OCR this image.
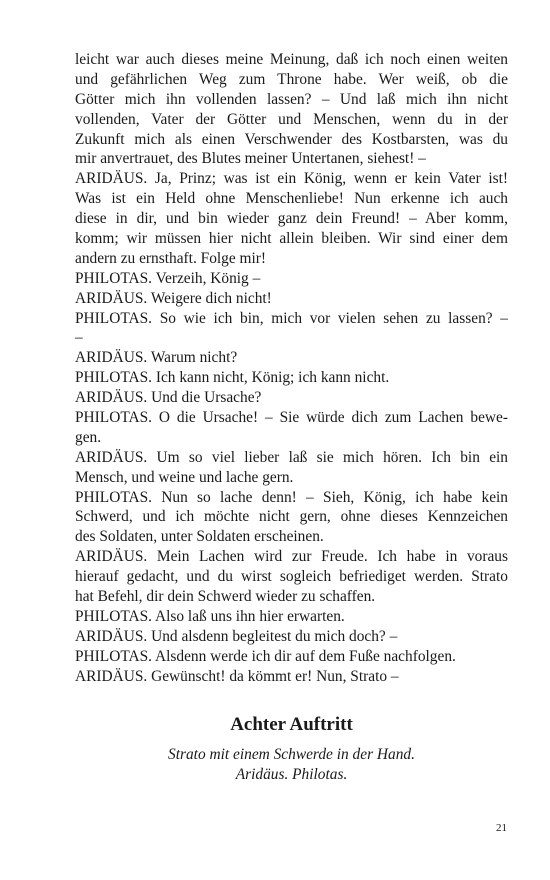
leicht war auch dieses meine Meinung, daß ich noch einen weiten
und gefährlichen Weg zum Throne habe. Wer weiß, ob die
Götter mich ihn vollenden lassen? – Und laß mich ihn nicht
vollenden, Vater der Götter und Menschen, wenn du in der
Zukunft mich als einen Verschwender des Kostbarsten, was du
mir anvertrauet, des Blutes meiner Untertanen, siehest! –
ARIDÄUS. Ja, Prinz; was ist ein König, wenn er kein Vater ist!
Was ist ein Held ohne Menschenliebe! Nun erkenne ich auch
diese in dir, und bin wieder ganz dein Freund! – Aber komm,
komm; wir müssen hier nicht allein bleiben. Wir sind einer dem
andern zu ernsthaft. Folge mir!
PHILOTAS. Verzeih, König –
ARIDÄUS. Weigere dich nicht!
PHILOTAS. So wie ich bin, mich vor vielen sehen zu lassen? –
–
ARIDÄUS. Warum nicht?
PHILOTAS. Ich kann nicht, König; ich kann nicht.
ARIDÄUS. Und die Ursache?
PHILOTAS. O die Ursache! – Sie würde dich zum Lachen bewe-
gen.
ARIDÄUS. Um so viel lieber laß sie mich hören. Ich bin ein
Mensch, und weine und lache gern.
PHILOTAS. Nun so lache denn! – Sieh, König, ich habe kein
Schwerd, und ich möchte nicht gern, ohne dieses Kennzeichen
des Soldaten, unter Soldaten erscheinen.
ARIDÄUS. Mein Lachen wird zur Freude. Ich habe in voraus
hierauf gedacht, und du wirst sogleich befriediget werden. Strato
hat Befehl, dir dein Schwerd wieder zu schaffen.
PHILOTAS. Also laß uns ihn hier erwarten.
ARIDÄUS. Und alsdenn begleitest du mich doch? –
PHILOTAS. Alsdenn werde ich dir auf dem Fuße nachfolgen.
ARIDÄUS. Gewünscht! da kömmt er! Nun, Strato –
Achter Auftritt
Strato mit einem Schwerde in der Hand.
Aridäus. Philotas.
21
